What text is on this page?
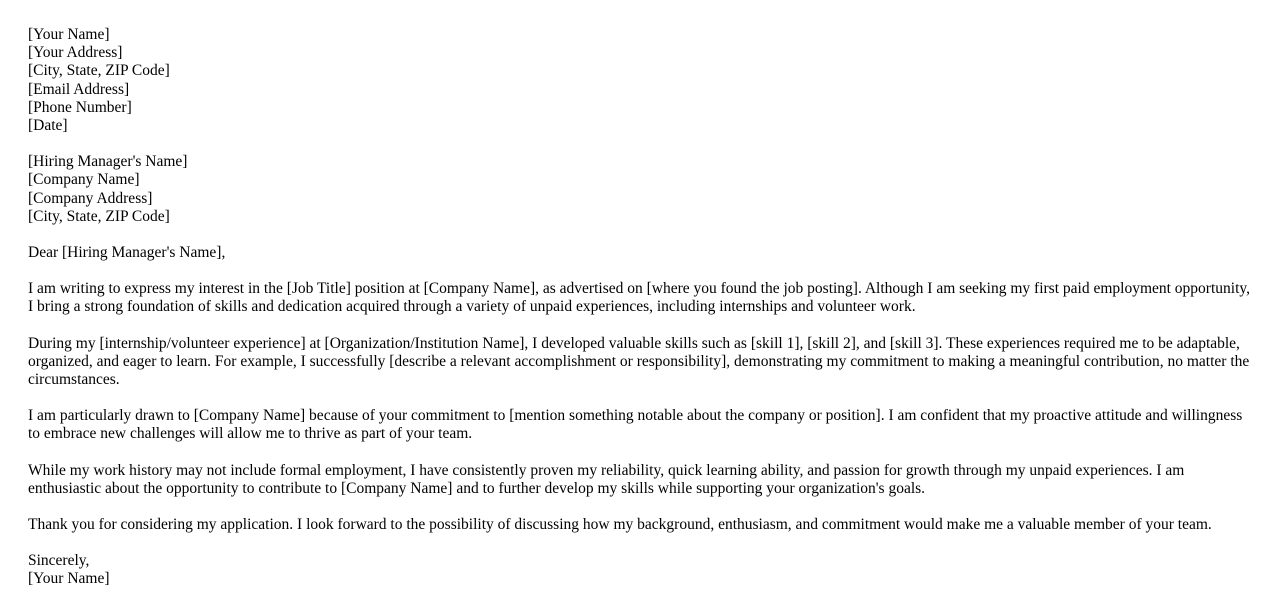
[Your Name]
[Your Address]
[City, State, ZIP Code]
[Email Address]
[Phone Number]
[Date]
[Hiring Manager's Name]
[Company Name]
[Company Address]
[City, State, ZIP Code]
Dear [Hiring Manager's Name],
I am writing to express my interest in the [Job Title] position at [Company Name], as advertised on [where you found the job posting]. Although I am seeking my first paid employment opportunity, I bring a strong foundation of skills and dedication acquired through a variety of unpaid experiences, including internships and volunteer work.
During my [internship/volunteer experience] at [Organization/Institution Name], I developed valuable skills such as [skill 1], [skill 2], and [skill 3]. These experiences required me to be adaptable, organized, and eager to learn. For example, I successfully [describe a relevant accomplishment or responsibility], demonstrating my commitment to making a meaningful contribution, no matter the circumstances.
I am particularly drawn to [Company Name] because of your commitment to [mention something notable about the company or position]. I am confident that my proactive attitude and willingness to embrace new challenges will allow me to thrive as part of your team.
While my work history may not include formal employment, I have consistently proven my reliability, quick learning ability, and passion for growth through my unpaid experiences. I am enthusiastic about the opportunity to contribute to [Company Name] and to further develop my skills while supporting your organization's goals.
Thank you for considering my application. I look forward to the possibility of discussing how my background, enthusiasm, and commitment would make me a valuable member of your team.
Sincerely,
[Your Name]
